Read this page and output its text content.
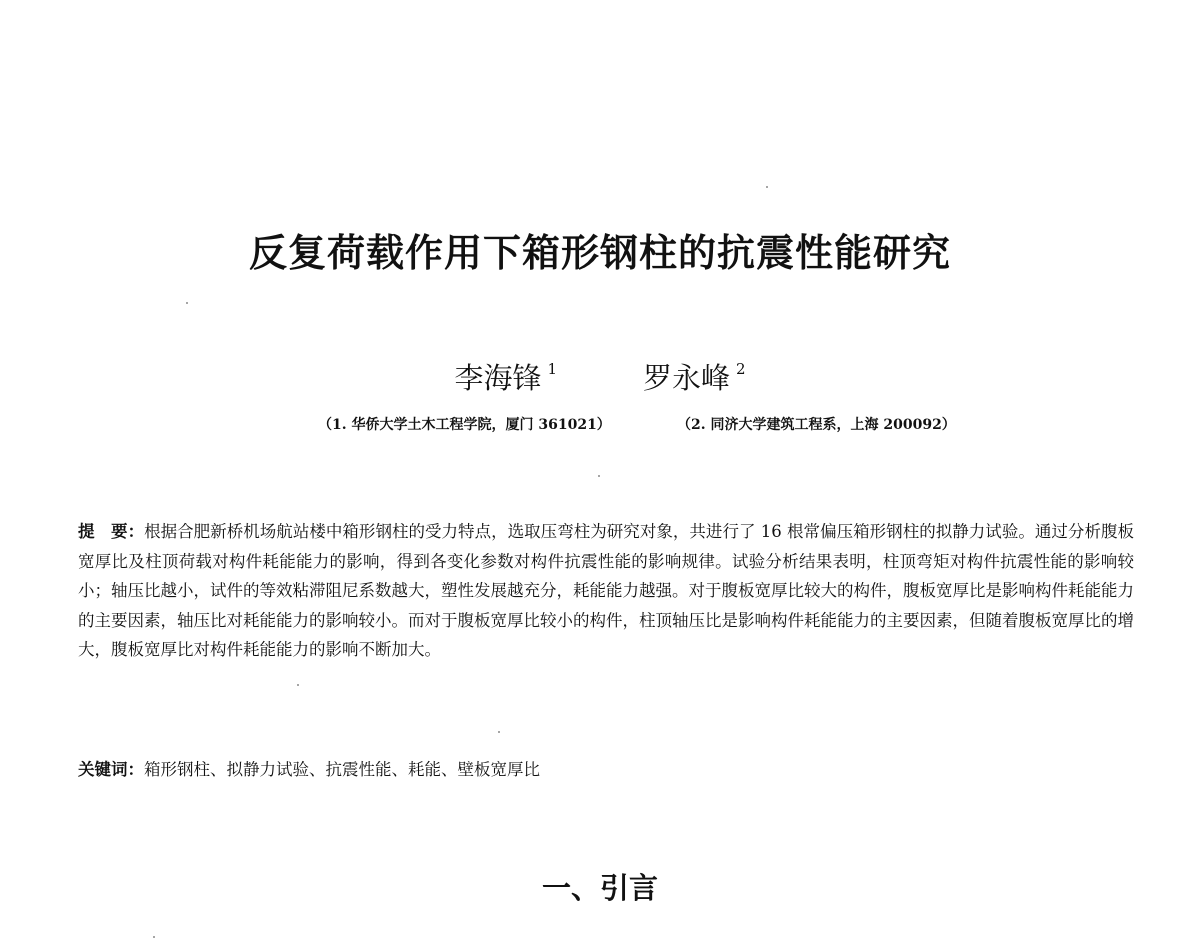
反复荷载作用下箱形钢柱的抗震性能研究
李海锋 $^1$	罗永峰 $^2$
（1. 华侨大学土木工程学院，厦门 361021）	（2. 同济大学建筑工程系，上海 200092）

提　要：根据合肥新桥机场航站楼中箱形钢柱的受力特点，选取压弯柱为研究对象，共进行了 16 根常偏压箱形钢柱的拟静力试验。通过分析腹板宽厚比及柱顶荷载对构件耗能能力的影响，得到各变化参数对构件抗震性能的影响规律。试验分析结果表明，柱顶弯矩对构件抗震性能的影响较小；轴压比越小，试件的等效粘滞阻尼系数越大，塑性发展越充分，耗能能力越强。对于腹板宽厚比较大的构件，腹板宽厚比是影响构件耗能能力的主要因素，轴压比对耗能能力的影响较小。而对于腹板宽厚比较小的构件，柱顶轴压比是影响构件耗能能力的主要因素，但随着腹板宽厚比的增大，腹板宽厚比对构件耗能能力的影响不断加大。

关键词：箱形钢柱、拟静力试验、抗震性能、耗能、壁板宽厚比
一、引言
